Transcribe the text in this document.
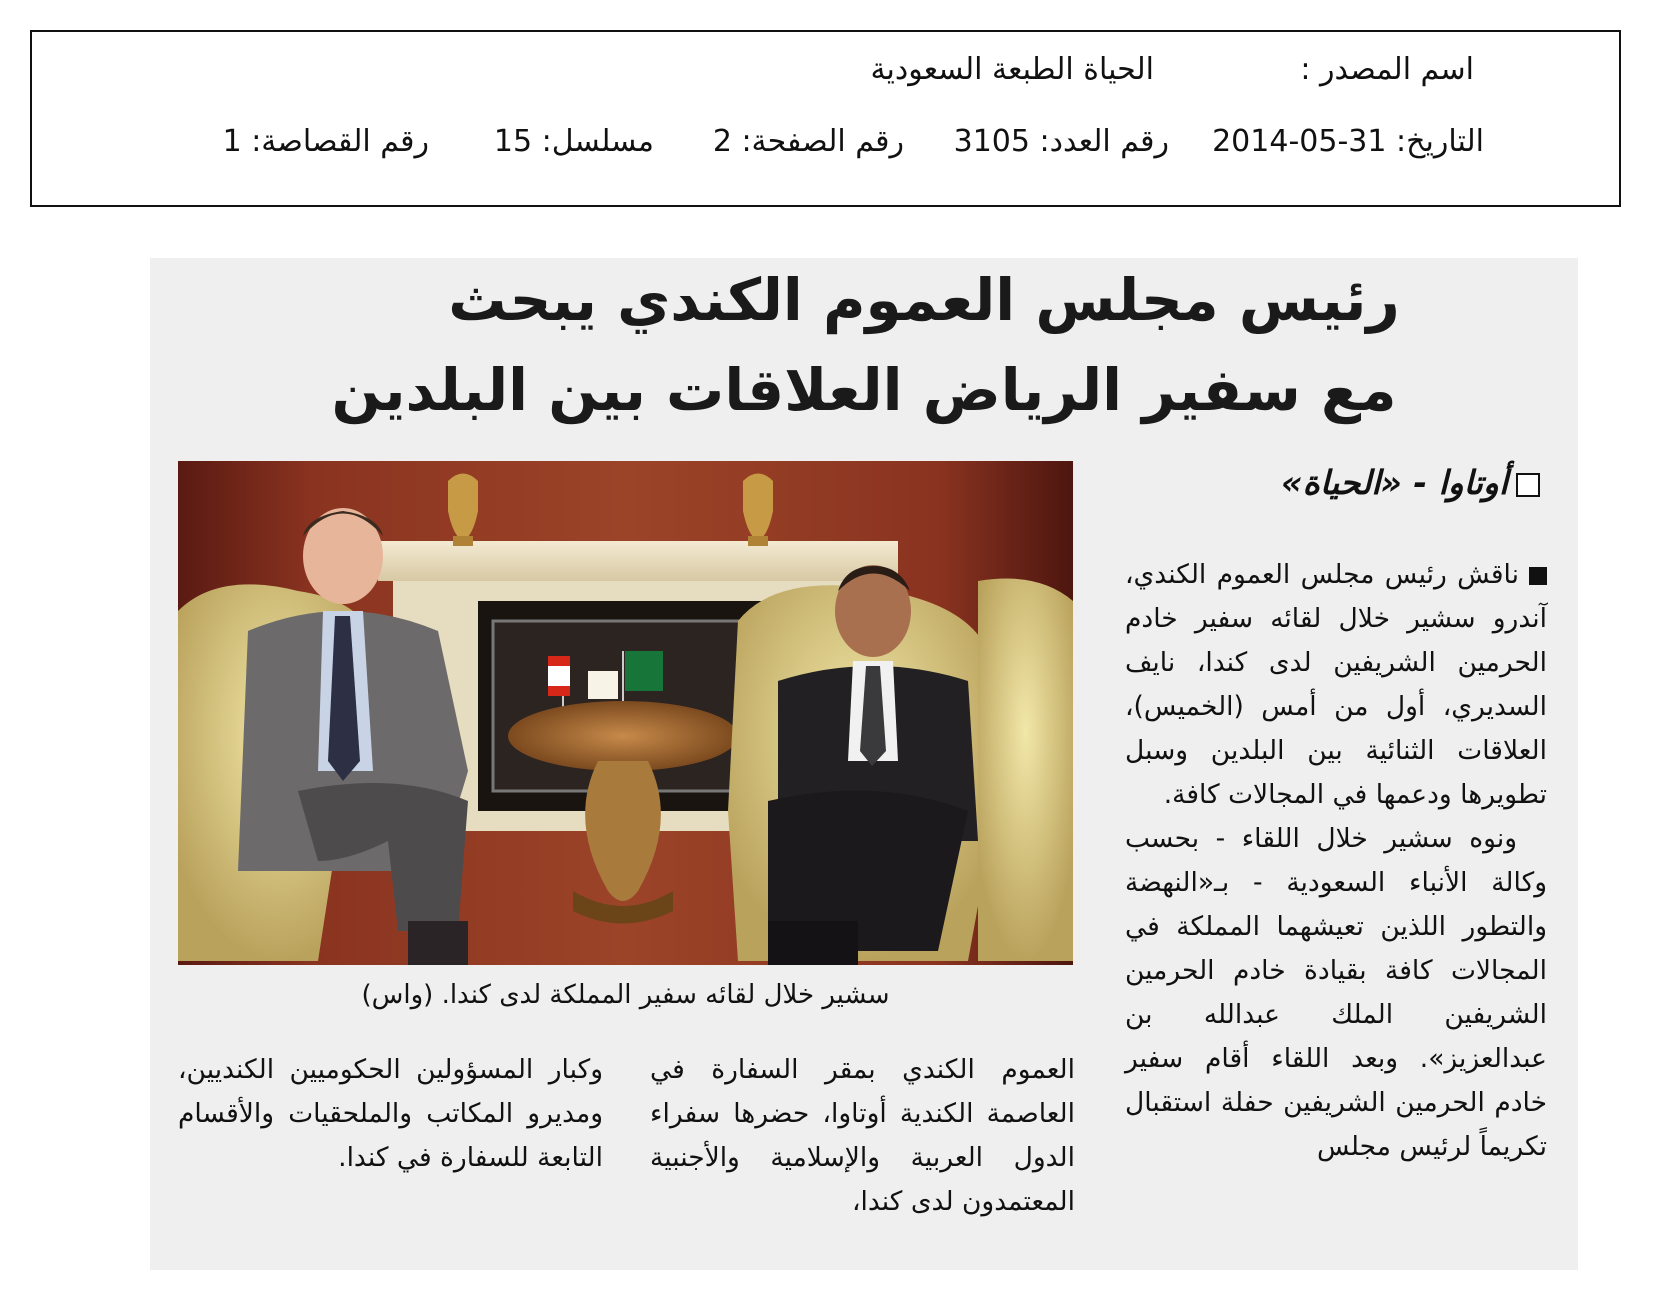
اسم المصدر :
الحياة الطبعة السعودية
التاريخ: 31-05-2014
رقم العدد: 3105
رقم الصفحة: 2
مسلسل: 15
رقم القصاصة: 1
رئيس مجلس العموم الكندي يبحث
مع سفير الرياض العلاقات بين البلدين
أوتاوا - «الحياة»

ناقش رئيس مجلس العموم الكندي، آندرو سشير خلال لقائه سفير خادم الحرمين الشريفين لدى كندا، نايف السديري، أول من أمس (الخميس)، العلاقات الثنائية بين البلدين وسبل تطويرها ودعمها في المجالات كافة.

ونوه سشير خلال اللقاء - بحسب وكالة الأنباء السعودية - بـ«النهضة والتطور اللذين تعيشهما المملكة في المجالات كافة بقيادة خادم الحرمين الشريفين الملك عبدالله بن عبدالعزيز». وبعد اللقاء أقام سفير خادم الحرمين الشريفين حفلة استقبال تكريماً لرئيس مجلس

سشير خلال لقائه سفير المملكة لدى كندا. (واس)

العموم الكندي بمقر السفارة في العاصمة الكندية أوتاوا، حضرها سفراء الدول العربية والإسلامية والأجنبية المعتمدون لدى كندا،

وكبار المسؤولين الحكوميين الكنديين، ومديرو المكاتب والملحقيات والأقسام التابعة للسفارة في كندا.
